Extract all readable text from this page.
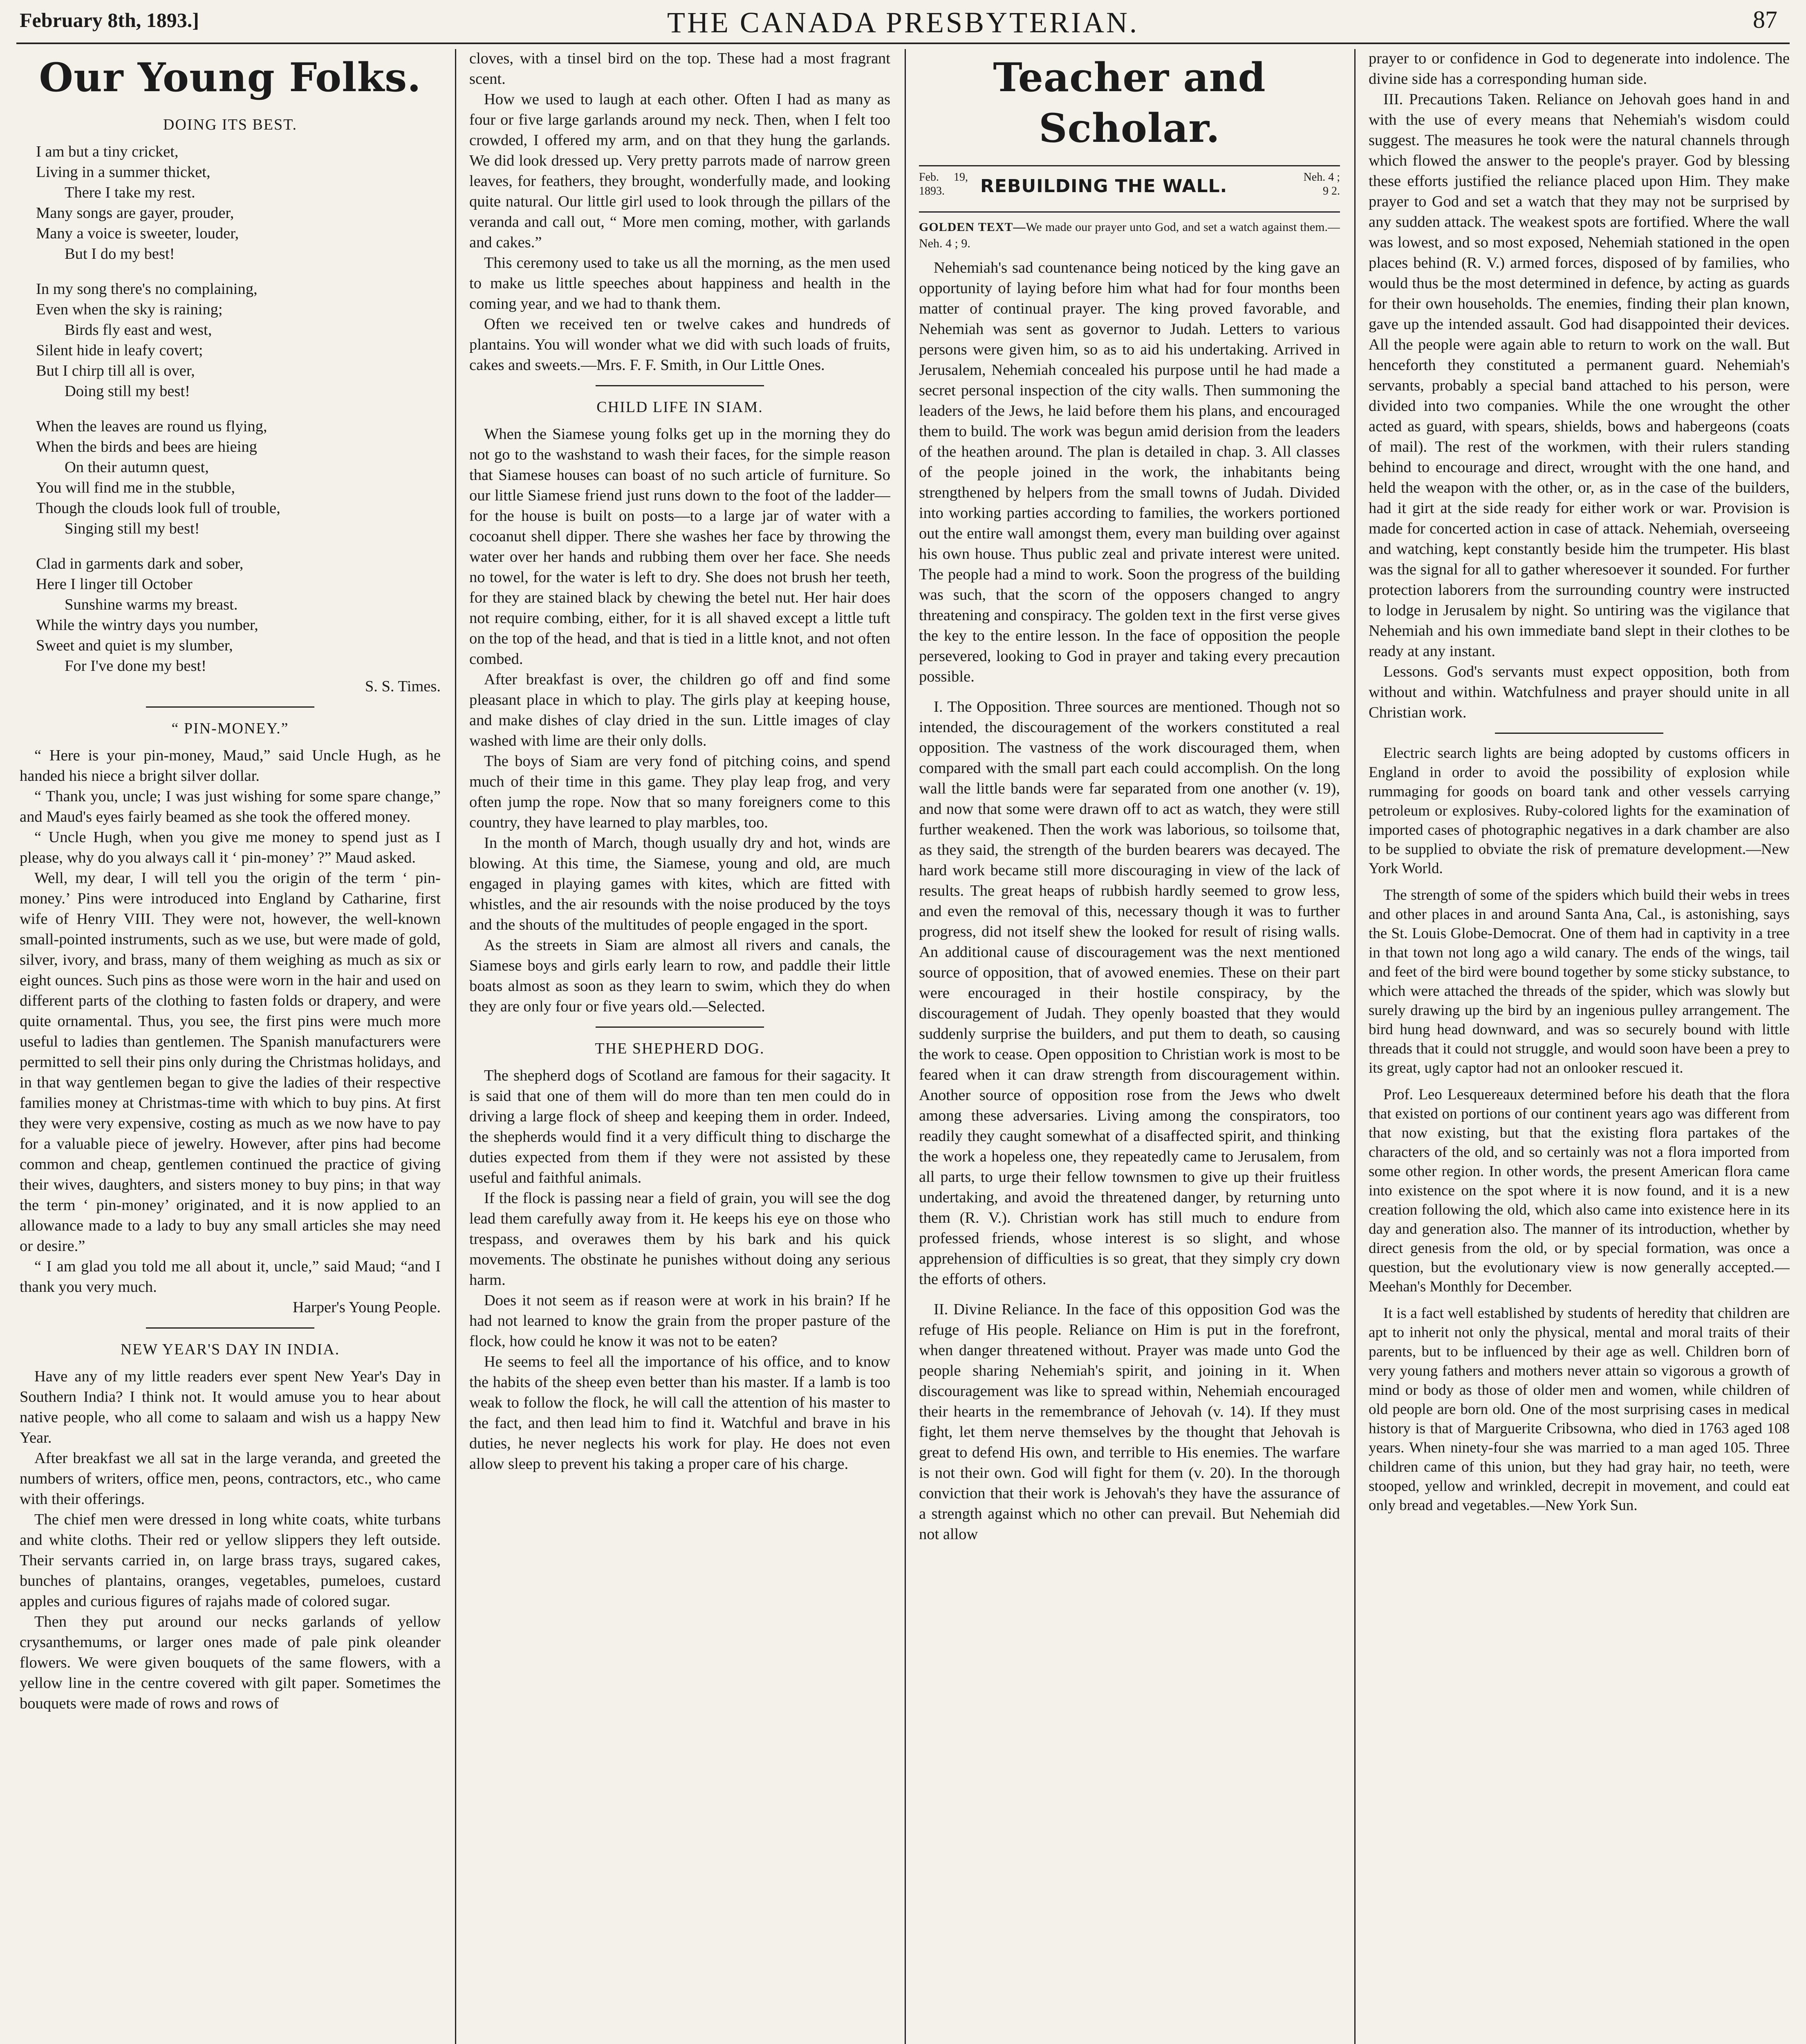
February 8th, 1893.]	THE CANADA PRESBYTERIAN.	87
Our Young Folks.
DOING ITS BEST.
I am but a tiny cricket,
Living in a summer thicket,
There I take my rest.
Many songs are gayer, prouder,
Many a voice is sweeter, louder,
But I do my best!
In my song there's no complaining,
Even when the sky is raining;
Birds fly east and west,
Silent hide in leafy covert;
But I chirp till all is over,
Doing still my best!
When the leaves are round us flying,
When the birds and bees are hieing
On their autumn quest,
You will find me in the stubble,
Though the clouds look full of trouble,
Singing still my best!
Clad in garments dark and sober,
Here I linger till October
Sunshine warms my breast.
While the wintry days you number,
Sweet and quiet is my slumber,
For I've done my best!

S. S. Times.

“ PIN-MONEY.”

“ Here is your pin-money, Maud,” said Uncle Hugh, as he handed his niece a bright silver dollar.

“ Thank you, uncle; I was just wishing for some spare change,” and Maud's eyes fairly beamed as she took the offered money.

“ Uncle Hugh, when you give me money to spend just as I please, why do you always call it ‘ pin-money’ ?” Maud asked.

Well, my dear, I will tell you the origin of the term ‘ pin-money.’ Pins were introduced into England by Catharine, first wife of Henry VIII. They were not, however, the well-known small-pointed instruments, such as we use, but were made of gold, silver, ivory, and brass, many of them weighing as much as six or eight ounces. Such pins as those were worn in the hair and used on different parts of the clothing to fasten folds or drapery, and were quite ornamental. Thus, you see, the first pins were much more useful to ladies than gentlemen. The Spanish manufacturers were permitted to sell their pins only during the Christmas holidays, and in that way gentlemen began to give the ladies of their respective families money at Christmas-time with which to buy pins. At first they were very expensive, costing as much as we now have to pay for a valuable piece of jewelry. However, after pins had become common and cheap, gentlemen continued the practice of giving their wives, daughters, and sisters money to buy pins; in that way the term ‘ pin-money’ originated, and it is now applied to an allowance made to a lady to buy any small articles she may need or desire.”

“ I am glad you told me all about it, uncle,” said Maud; “and I thank you very much.

Harper's Young People.

NEW YEAR'S DAY IN INDIA.

Have any of my little readers ever spent New Year's Day in Southern India? I think not. It would amuse you to hear about native people, who all come to salaam and wish us a happy New Year.

After breakfast we all sat in the large veranda, and greeted the numbers of writers, office men, peons, contractors, etc., who came with their offerings.

The chief men were dressed in long white coats, white turbans and white cloths. Their red or yellow slippers they left outside. Their servants carried in, on large brass trays, sugared cakes, bunches of plantains, oranges, vegetables, pumeloes, custard apples and curious figures of rajahs made of colored sugar.

Then they put around our necks garlands of yellow crysanthemums, or larger ones made of pale pink oleander flowers. We were given bouquets of the same flowers, with a yellow line in the centre covered with gilt paper. Sometimes the bouquets were made of rows and rows of

cloves, with a tinsel bird on the top. These had a most fragrant scent.

How we used to laugh at each other. Often I had as many as four or five large garlands around my neck. Then, when I felt too crowded, I offered my arm, and on that they hung the garlands. We did look dressed up. Very pretty parrots made of narrow green leaves, for feathers, they brought, wonderfully made, and looking quite natural. Our little girl used to look through the pillars of the veranda and call out, “ More men coming, mother, with garlands and cakes.”

This ceremony used to take us all the morning, as the men used to make us little speeches about happiness and health in the coming year, and we had to thank them.

Often we received ten or twelve cakes and hundreds of plantains. You will wonder what we did with such loads of fruits, cakes and sweets.—Mrs. F. F. Smith, in Our Little Ones.

CHILD LIFE IN SIAM.

When the Siamese young folks get up in the morning they do not go to the washstand to wash their faces, for the simple reason that Siamese houses can boast of no such article of furniture. So our little Siamese friend just runs down to the foot of the ladder—for the house is built on posts—to a large jar of water with a cocoanut shell dipper. There she washes her face by throwing the water over her hands and rubbing them over her face. She needs no towel, for the water is left to dry. She does not brush her teeth, for they are stained black by chewing the betel nut. Her hair does not require combing, either, for it is all shaved except a little tuft on the top of the head, and that is tied in a little knot, and not often combed.

After breakfast is over, the children go off and find some pleasant place in which to play. The girls play at keeping house, and make dishes of clay dried in the sun. Little images of clay washed with lime are their only dolls.

The boys of Siam are very fond of pitching coins, and spend much of their time in this game. They play leap frog, and very often jump the rope. Now that so many foreigners come to this country, they have learned to play marbles, too.

In the month of March, though usually dry and hot, winds are blowing. At this time, the Siamese, young and old, are much engaged in playing games with kites, which are fitted with whistles, and the air resounds with the noise produced by the toys and the shouts of the multitudes of people engaged in the sport.

As the streets in Siam are almost all rivers and canals, the Siamese boys and girls early learn to row, and paddle their little boats almost as soon as they learn to swim, which they do when they are only four or five years old.—Selected.

THE SHEPHERD DOG.

The shepherd dogs of Scotland are famous for their sagacity. It is said that one of them will do more than ten men could do in driving a large flock of sheep and keeping them in order. Indeed, the shepherds would find it a very difficult thing to discharge the duties expected from them if they were not assisted by these useful and faithful animals.

If the flock is passing near a field of grain, you will see the dog lead them carefully away from it. He keeps his eye on those who trespass, and overawes them by his bark and his quick movements. The obstinate he punishes without doing any serious harm.

Does it not seem as if reason were at work in his brain? If he had not learned to know the grain from the proper pasture of the flock, how could he know it was not to be eaten?

He seems to feel all the importance of his office, and to know the habits of the sheep even better than his master. If a lamb is too weak to follow the flock, he will call the attention of his master to the fact, and then lead him to find it. Watchful and brave in his duties, he never neglects his work for play. He does not even allow sleep to prevent his taking a proper care of his charge.

Teacher and Scholar.
Feb. 19, 1893.	REBUILDING THE WALL.	Neh. 4 ; 9 2.

GOLDEN TEXT—We made our prayer unto God, and set a watch against them.—Neh. 4 ; 9.

Nehemiah's sad countenance being noticed by the king gave an opportunity of laying before him what had for four months been matter of continual prayer. The king proved favorable, and Nehemiah was sent as governor to Judah. Letters to various persons were given him, so as to aid his undertaking. Arrived in Jerusalem, Nehemiah concealed his purpose until he had made a secret personal inspection of the city walls. Then summoning the leaders of the Jews, he laid before them his plans, and encouraged them to build. The work was begun amid derision from the leaders of the heathen around. The plan is detailed in chap. 3. All classes of the people joined in the work, the inhabitants being strengthened by helpers from the small towns of Judah. Divided into working parties according to families, the workers portioned out the entire wall amongst them, every man building over against his own house. Thus public zeal and private interest were united. The people had a mind to work. Soon the progress of the building was such, that the scorn of the opposers changed to angry threatening and conspiracy. The golden text in the first verse gives the key to the entire lesson. In the face of opposition the people persevered, looking to God in prayer and taking every precaution possible.

I. The Opposition. Three sources are mentioned. Though not so intended, the discouragement of the workers constituted a real opposition. The vastness of the work discouraged them, when compared with the small part each could accomplish. On the long wall the little bands were far separated from one another (v. 19), and now that some were drawn off to act as watch, they were still further weakened. Then the work was laborious, so toilsome that, as they said, the strength of the burden bearers was decayed. The hard work became still more discouraging in view of the lack of results. The great heaps of rubbish hardly seemed to grow less, and even the removal of this, necessary though it was to further progress, did not itself shew the looked for result of rising walls. An additional cause of discouragement was the next mentioned source of opposition, that of avowed enemies. These on their part were encouraged in their hostile conspiracy, by the discouragement of Judah. They openly boasted that they would suddenly surprise the builders, and put them to death, so causing the work to cease. Open opposition to Christian work is most to be feared when it can draw strength from discouragement within. Another source of opposition rose from the Jews who dwelt among these adversaries. Living among the conspirators, too readily they caught somewhat of a disaffected spirit, and thinking the work a hopeless one, they repeatedly came to Jerusalem, from all parts, to urge their fellow townsmen to give up their fruitless undertaking, and avoid the threatened danger, by returning unto them (R. V.). Christian work has still much to endure from professed friends, whose interest is so slight, and whose apprehension of difficulties is so great, that they simply cry down the efforts of others.

II. Divine Reliance. In the face of this opposition God was the refuge of His people. Reliance on Him is put in the forefront, when danger threatened without. Prayer was made unto God the people sharing Nehemiah's spirit, and joining in it. When discouragement was like to spread within, Nehemiah encouraged their hearts in the remembrance of Jehovah (v. 14). If they must fight, let them nerve themselves by the thought that Jehovah is great to defend His own, and terrible to His enemies. The warfare is not their own. God will fight for them (v. 20). In the thorough conviction that their work is Jehovah's they have the assurance of a strength against which no other can prevail. But Nehemiah did not allow

prayer to or confidence in God to degenerate into indolence. The divine side has a corresponding human side.

III. Precautions Taken. Reliance on Jehovah goes hand in and with the use of every means that Nehemiah's wisdom could suggest. The measures he took were the natural channels through which flowed the answer to the people's prayer. God by blessing these efforts justified the reliance placed upon Him. They make prayer to God and set a watch that they may not be surprised by any sudden attack. The weakest spots are fortified. Where the wall was lowest, and so most exposed, Nehemiah stationed in the open places behind (R. V.) armed forces, disposed of by families, who would thus be the most determined in defence, by acting as guards for their own households. The enemies, finding their plan known, gave up the intended assault. God had disappointed their devices. All the people were again able to return to work on the wall. But henceforth they constituted a permanent guard. Nehemiah's servants, probably a special band attached to his person, were divided into two companies. While the one wrought the other acted as guard, with spears, shields, bows and habergeons (coats of mail). The rest of the workmen, with their rulers standing behind to encourage and direct, wrought with the one hand, and held the weapon with the other, or, as in the case of the builders, had it girt at the side ready for either work or war. Provision is made for concerted action in case of attack. Nehemiah, overseeing and watching, kept constantly beside him the trumpeter. His blast was the signal for all to gather wheresoever it sounded. For further protection laborers from the surrounding country were instructed to lodge in Jerusalem by night. So untiring was the vigilance that Nehemiah and his own immediate band slept in their clothes to be ready at any instant.

Lessons. God's servants must expect opposition, both from without and within. Watchfulness and prayer should unite in all Christian work.

Electric search lights are being adopted by customs officers in England in order to avoid the possibility of explosion while rummaging for goods on board tank and other vessels carrying petroleum or explosives. Ruby-colored lights for the examination of imported cases of photographic negatives in a dark chamber are also to be supplied to obviate the risk of premature development.—New York World.

The strength of some of the spiders which build their webs in trees and other places in and around Santa Ana, Cal., is astonishing, says the St. Louis Globe-Democrat. One of them had in captivity in a tree in that town not long ago a wild canary. The ends of the wings, tail and feet of the bird were bound together by some sticky substance, to which were attached the threads of the spider, which was slowly but surely drawing up the bird by an ingenious pulley arrangement. The bird hung head downward, and was so securely bound with little threads that it could not struggle, and would soon have been a prey to its great, ugly captor had not an onlooker rescued it.

Prof. Leo Lesquereaux determined before his death that the flora that existed on portions of our continent years ago was different from that now existing, but that the existing flora partakes of the characters of the old, and so certainly was not a flora imported from some other region. In other words, the present American flora came into existence on the spot where it is now found, and it is a new creation following the old, which also came into existence here in its day and generation also. The manner of its introduction, whether by direct genesis from the old, or by special formation, was once a question, but the evolutionary view is now generally accepted.—Meehan's Monthly for December.

It is a fact well established by students of heredity that children are apt to inherit not only the physical, mental and moral traits of their parents, but to be influenced by their age as well. Children born of very young fathers and mothers never attain so vigorous a growth of mind or body as those of older men and women, while children of old people are born old. One of the most surprising cases in medical history is that of Marguerite Cribsowna, who died in 1763 aged 108 years. When ninety-four she was married to a man aged 105. Three children came of this union, but they had gray hair, no teeth, were stooped, yellow and wrinkled, decrepit in movement, and could eat only bread and vegetables.—New York Sun.
